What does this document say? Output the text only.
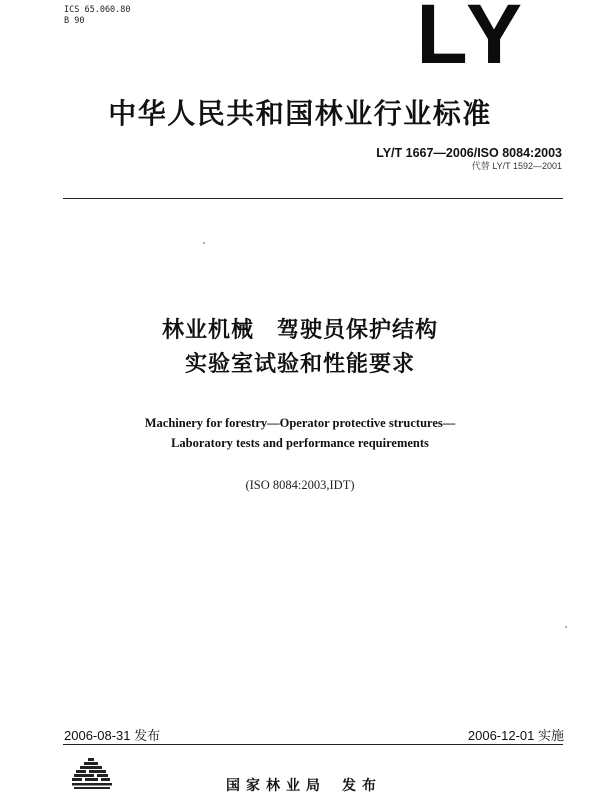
ICS 65.060.80
B 90	LY
中华人民共和国林业行业标准
LY/T 1667—2006/ISO 8084:2003
代替 LY/T 1592—2001
林业机械　驾驶员保护结构
实验室试验和性能要求
Machinery for forestry—Operator protective structures—
Laboratory tests and performance requirements
(ISO 8084:2003,IDT)
2006-08-31 发布	2006-12-01 实施
国家林业局 发布
